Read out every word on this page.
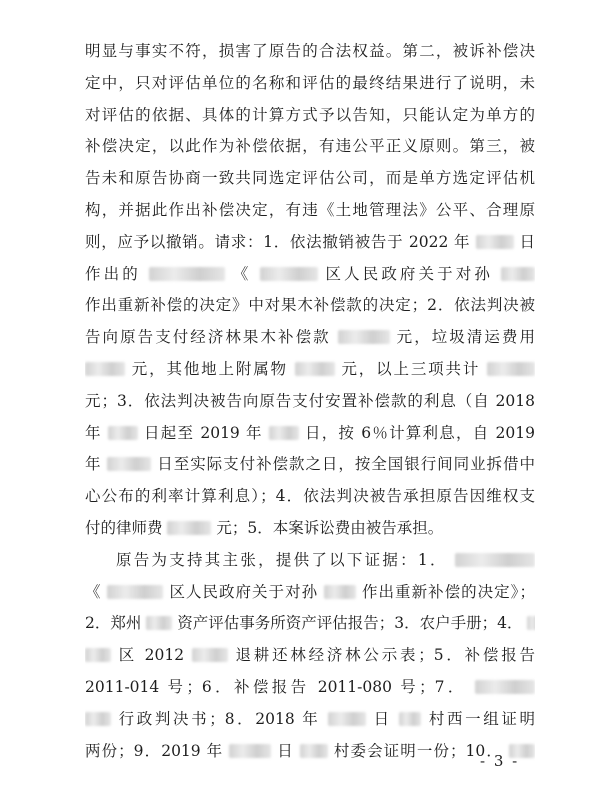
明显与事实不符，损害了原告的合法权益。第二，被诉补偿决
定中，只对评估单位的名称和评估的最终结果进行了说明，未
对评估的依据、具体的计算方式予以告知，只能认定为单方的
补偿决定，以此作为补偿依据，有违公平正义原则。第三，被
告未和原告协商一致共同选定评估公司，而是单方选定评估机
构，并据此作出补偿决定，有违《土地管理法》公平、合理原
则，应予以撤销。请求：1．依法撤销被告于 2022 年	日
作出的	《	区人民政府关于对孙
作出重新补偿的决定》中对果木补偿款的决定；2．依法判决被
告向原告支付经济林果木补偿款	元，垃圾清运费用
元，其他地上附属物	元，以上三项共计
元；3．依法判决被告向原告支付安置补偿款的利息（自 2018
年	日起至 2019 年	日，按 6％计算利息，自 2019
年	日至实际支付补偿款之日，按全国银行间同业拆借中
心公布的利率计算利息）；4．依法判决被告承担原告因维权支
付的律师费	元；5．本案诉讼费由被告承担。
原告为支持其主张，提供了以下证据：1．
《	区人民政府关于对孙	作出重新补偿的决定》；
2．郑州 资产评估事务所资产评估报告；3．农户手册；4．
区 2012	退耕还林经济林公示表；5．补偿报告
2011-014 号；6．补偿报告 2011-080 号；7．
行政判决书；8．2018 年	日 村西一组证明
两份；9．2019 年	日	村委会证明一份；10．
- 3 -
